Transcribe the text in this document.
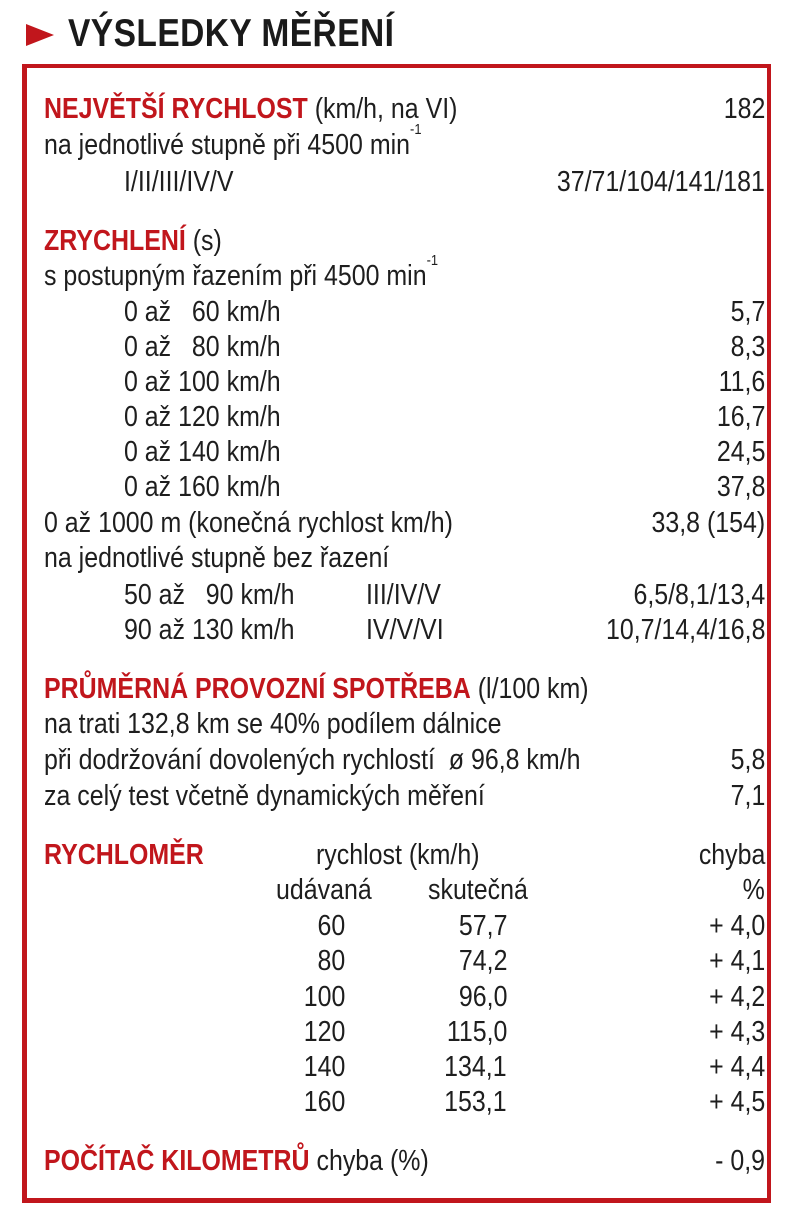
VÝSLEDKY MĚŘENÍ
NEJVĚTŠÍ RYCHLOST (km/h, na VI)	182
na jednotlivé stupně při 4500 $\min^{-1}$
I/II/III/IV/V	37/71/104/141/181
ZRYCHLENÍ (s)
s postupným řazením při 4500 $\min^{-1}$
0 až   60 km/h	5,7
0 až   80 km/h	8,3
0 až 100 km/h	11,6
0 až 120 km/h	16,7
0 až 140 km/h	24,5
0 až 160 km/h	37,8
0 až 1000 m (konečná rychlost km/h)	33,8 (154)
na jednotlivé stupně bez řazení
50 až   90 km/h	III/IV/V	6,5/8,1/13,4
90 až 130 km/h	IV/V/VI	10,7/14,4/16,8
PRŮMĚRNÁ PROVOZNÍ SPOTŘEBA (l/100 km)
na trati 132,8 km se 40% podílem dálnice
při dodržování dovolených rychlostí  ø 96,8 km/h	5,8
za celý test včetně dynamických měření	7,1
RYCHLOMĚR	rychlost (km/h)	chyba
udávaná	skutečná	%
60	57,7	+ 4,0
80	74,2	+ 4,1
100	96,0	+ 4,2
120	115,0	+ 4,3
140	134,1	+ 4,4
160	153,1	+ 4,5
POČÍTAČ KILOMETRŮ chyba (%)	- 0,9
